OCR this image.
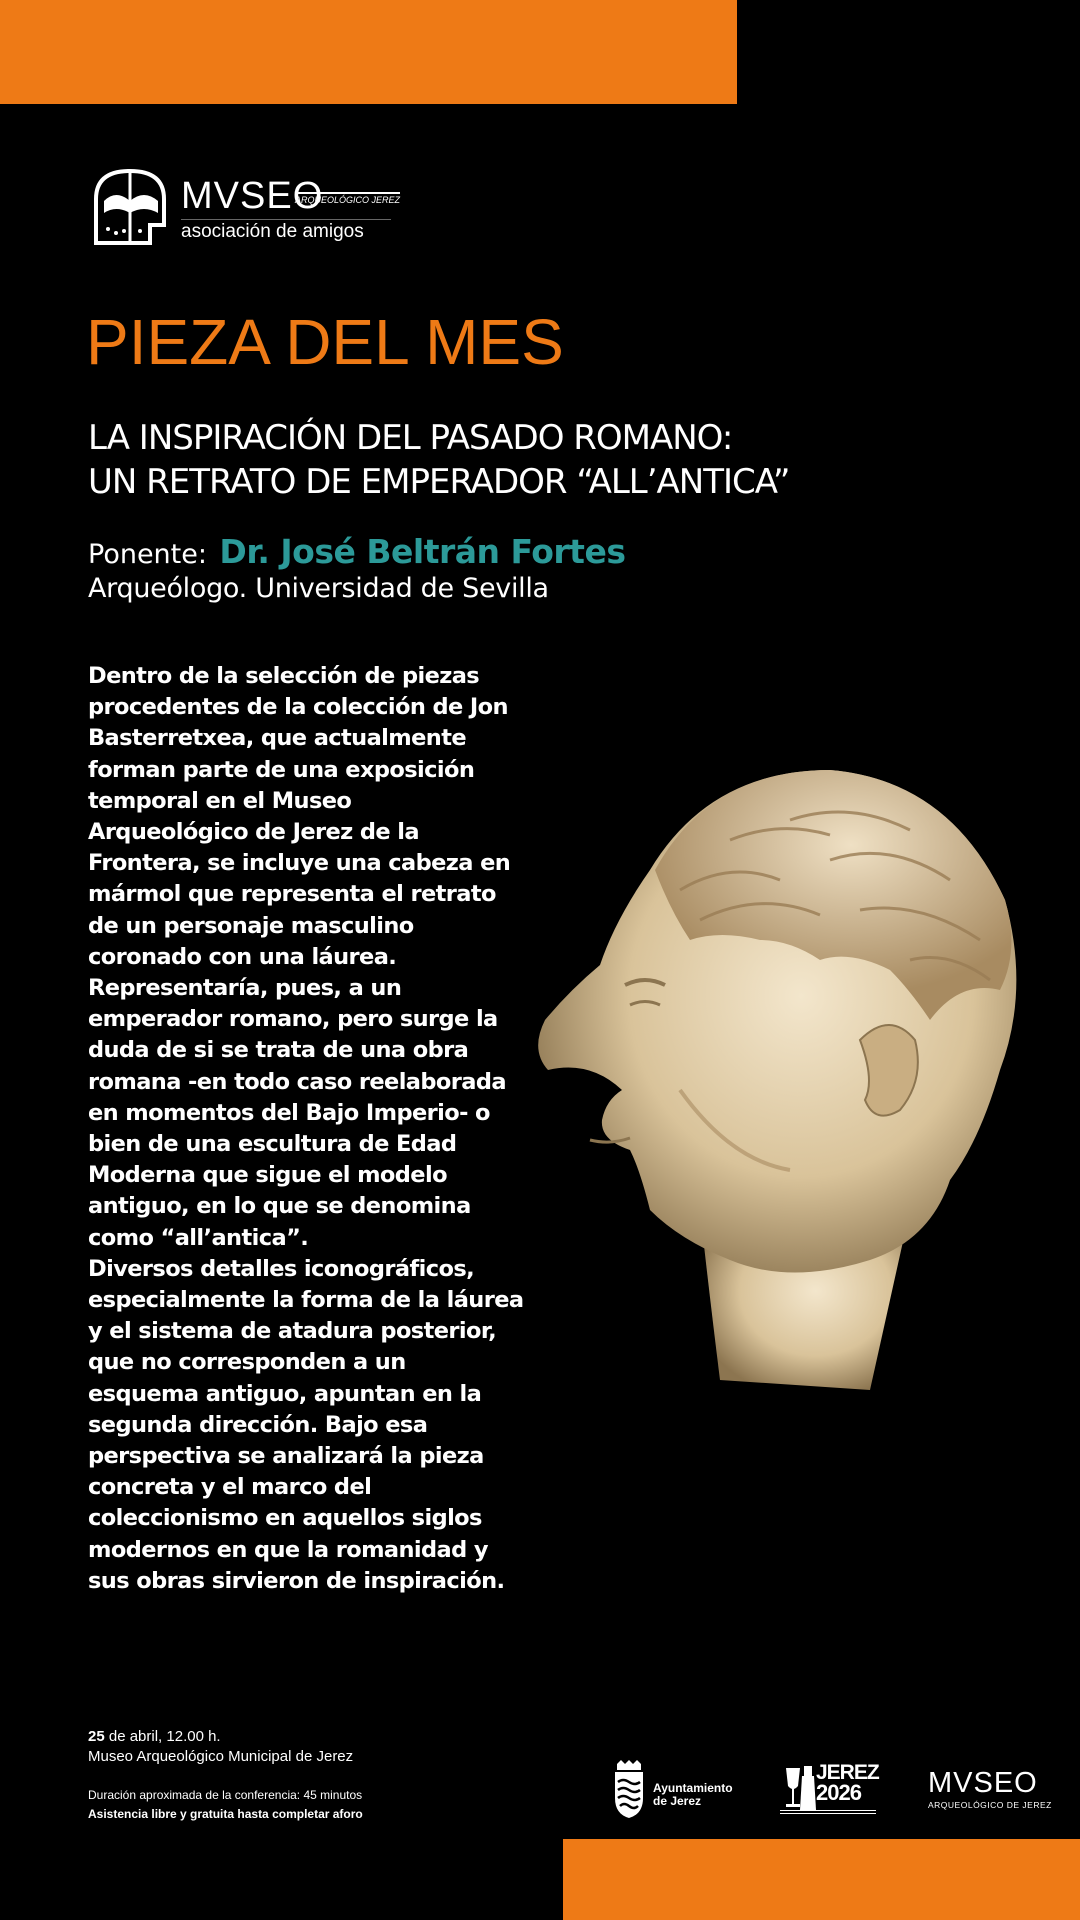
MVSEO
ARQUEOLÓGICO JEREZ
asociación de amigos
PIEZA DEL MES
LA INSPIRACIÓN DEL PASADO ROMANO:
UN RETRATO DE EMPERADOR “ALL’ANTICA”
Ponente: Dr. José Beltrán Fortes
Arqueólogo. Universidad de Sevilla
Dentro de la selección de piezas
procedentes de la colección de Jon
Basterretxea, que actualmente
forman parte de una exposición
temporal en el Museo
Arqueológico de Jerez de la
Frontera, se incluye una cabeza en
mármol que representa el retrato
de un personaje masculino
coronado con una láurea.
Representaría, pues, a un
emperador romano, pero surge la
duda de si se trata de una obra
romana -en todo caso reelaborada
en momentos del Bajo Imperio- o
bien de una escultura de Edad
Moderna que sigue el modelo
antiguo, en lo que se denomina
como “all’antica”.
Diversos detalles iconográficos,
especialmente la forma de la láurea
y el sistema de atadura posterior,
que no corresponden a un
esquema antiguo, apuntan en la
segunda dirección. Bajo esa
perspectiva se analizará la pieza
concreta y el marco del
coleccionismo en aquellos siglos
modernos en que la romanidad y
sus obras sirvieron de inspiración.
25 de abril, 12.00 h.
Museo Arqueológico Municipal de Jerez
Duración aproximada de la conferencia: 45 minutos
Asistencia libre y gratuita hasta completar aforo
Ayuntamiento
de Jerez
JEREZ
2026 MVSEO
ARQUEOLÓGICO DE JEREZ
